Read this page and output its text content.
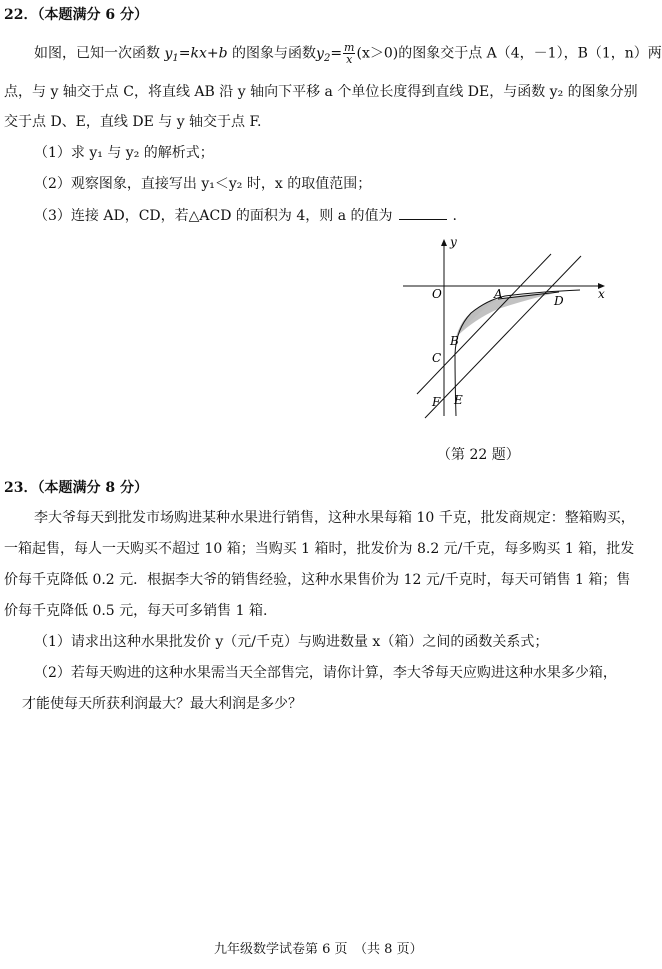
22．（本题满分 6 分）
如图，已知一次函数 $y_1=kx+b$ 的图象与函数$y_2= \frac{m}{x} (x>0)$的图象交于点 A（4，－1），B（1，n）两
点，与 y 轴交于点 C，将直线 AB 沿 y 轴向下平移 a 个单位长度得到直线 DE，与函数 y₂ 的图象分别
交于点 D、E，直线 DE 与 y 轴交于点 F.
（1）求 y₁ 与 y₂ 的解析式；
（2）观察图象，直接写出 y₁＜y₂ 时，x 的取值范围；
（3）连接 AD，CD，若△ACD 的面积为 4，则 a 的值为	.
y
x
O	A	D
B
C
F E
（第 22 题）
23．（本题满分 8 分）
李大爷每天到批发市场购进某种水果进行销售，这种水果每箱 10 千克，批发商规定：整箱购买，
一箱起售，每人一天购买不超过 10 箱；当购买 1 箱时，批发价为 8.2 元/千克，每多购买 1 箱，批发
价每千克降低 0.2 元．根据李大爷的销售经验，这种水果售价为 12 元/千克时，每天可销售 1 箱；售
价每千克降低 0.5 元，每天可多销售 1 箱.
（1）请求出这种水果批发价 y（元/千克）与购进数量 x（箱）之间的函数关系式；
（2）若每天购进的这种水果需当天全部售完，请你计算，李大爷每天应购进这种水果多少箱，
才能使每天所获利润最大？最大利润是多少？
九年级数学试卷第 6 页　（共 8 页）
